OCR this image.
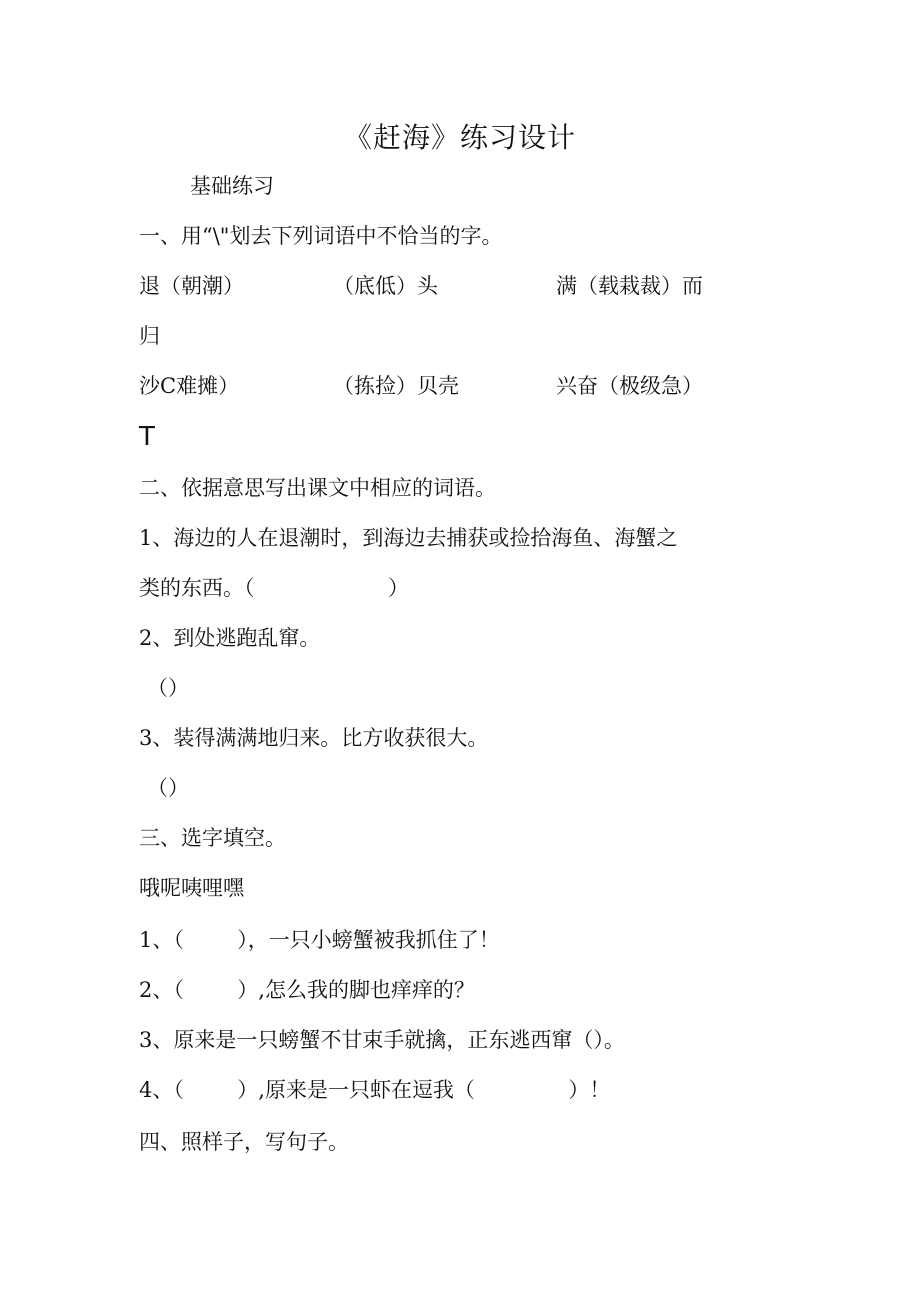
《赶海》练习设计
基础练习
一、用“\"划去下列词语中不恰当的字。
退（朝潮）	（底低）头	满（载栽裁）而
归
沙C难摊）	（拣捡）贝壳	兴奋（极级急）
T
二、依据意思写出课文中相应的词语。
1、海边的人在退潮时，到海边去捕获或捡拾海鱼、海蟹之
类的东西。（                    ）
2、到处逃跑乱窜。
（）
3、装得满满地归来。比方收获很大。
（）
三、选字填空。
哦呢咦哩嘿
1、（        ），一只小螃蟹被我抓住了！
2、（        ）,怎么我的脚也痒痒的？
3、原来是一只螃蟹不甘束手就擒，正东逃西窜（）。
4、（        ）,原来是一只虾在逗我（              ）！
四、照样子，写句子。
